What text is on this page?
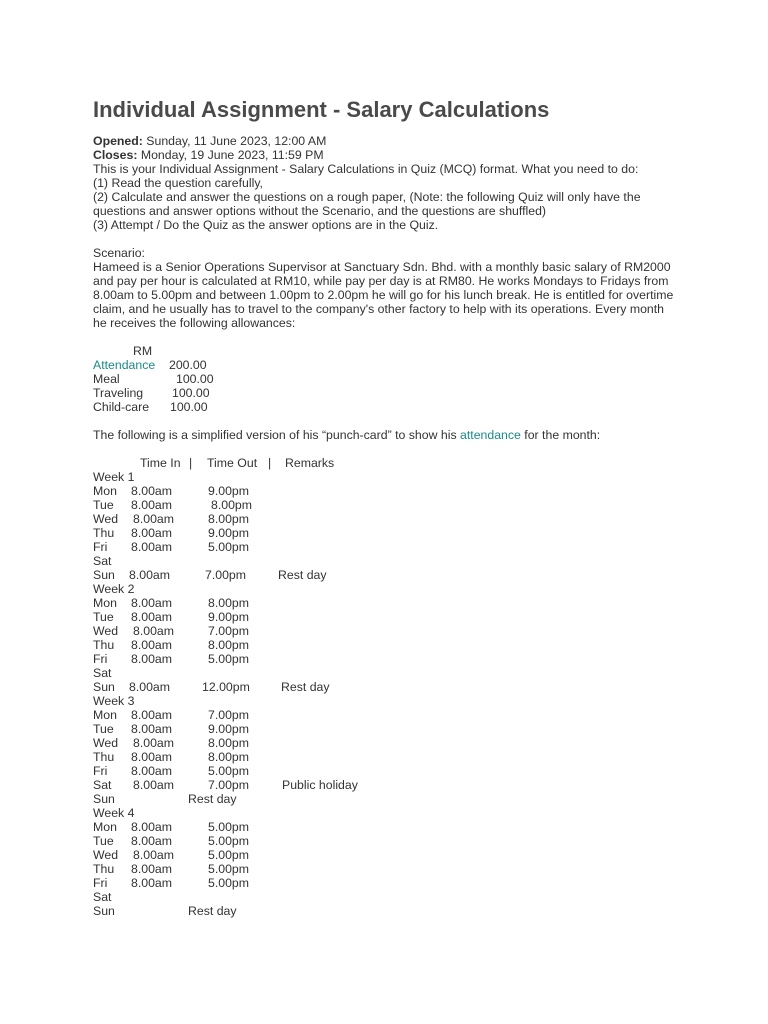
Individual Assignment - Salary Calculations
Opened: Sunday, 11 June 2023, 12:00 AM
Closes: Monday, 19 June 2023, 11:59 PM
This is your Individual Assignment - Salary Calculations in Quiz (MCQ) format. What you need to do:
(1) Read the question carefully,
(2) Calculate and answer the questions on a rough paper, (Note: the following Quiz will only have the questions and answer options without the Scenario, and the questions are shuffled)
(3) Attempt / Do the Quiz as the answer options are in the Quiz.
Scenario:
Hameed is a Senior Operations Supervisor at Sanctuary Sdn. Bhd. with a monthly basic salary of RM2000 and pay per hour is calculated at RM10, while pay per day is at RM80. He works Mondays to Fridays from 8.00am to 5.00pm and between 1.00pm to 2.00pm he will go for his lunch break. He is entitled for overtime claim, and he usually has to travel to the company's other factory to help with its operations. Every month he receives the following allowances:
RM
Attendance 200.00
Meal	100.00
Traveling 100.00
Child-care 100.00
The following is a simplified version of his “punch-card” to show his attendance for the month:
Time In | Time Out | Remarks
Week 1
Mon 8.00am	9.00pm
Tue 8.00am	8.00pm
Wed 8.00am	8.00pm
Thu 8.00am	9.00pm
Fri 8.00am	5.00pm
Sat
Sun 8.00am	7.00pm	Rest day
Week 2
Mon 8.00am	8.00pm
Tue 8.00am	9.00pm
Wed 8.00am	7.00pm
Thu 8.00am	8.00pm
Fri 8.00am	5.00pm
Sat
Sun 8.00am	12.00pm	Rest day
Week 3
Mon 8.00am	7.00pm
Tue 8.00am	9.00pm
Wed 8.00am	8.00pm
Thu 8.00am	8.00pm
Fri 8.00am	5.00pm
Sat 8.00am	7.00pm	Public holiday
Sun	Rest day
Week 4
Mon 8.00am	5.00pm
Tue 8.00am	5.00pm
Wed 8.00am	5.00pm
Thu 8.00am	5.00pm
Fri 8.00am	5.00pm
Sat
Sun	Rest day
